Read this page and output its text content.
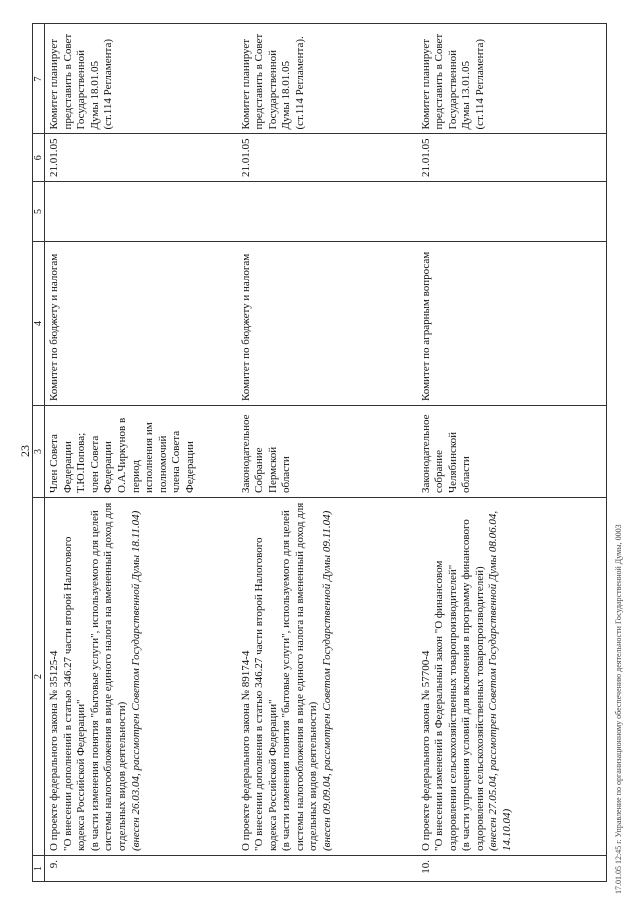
23
1	2	3	4	5	6	7
9.	О проекте федерального закона № 35125-4 "О внесении дополнений в статью 346.27 части второй Налогового кодекса Российской Федерации" (в части изменения понятия "бытовые услуги", используемого для целей системы налогообложения в виде единого налога на вмененный доход для отдельных видов деятельности) (внесен 26.03.04, рассмотрен Советом Государственной Думы 18.11.04)	Член Совета Федерации Т.Ю.Попова; член Совета Федерации О.А.Чиркунов в период исполнения им полномочий члена Совета Федерации	Комитет по бюджету и налогам		21.01.05	Комитет планирует представить в Совет Государственной Думы 18.01.05 (ст.114 Регламента)

	О проекте федерального закона № 89174-4 "О внесении дополнения в статью 346.27 части второй Налогового кодекса Российской Федерации" (в части изменения понятия "бытовые услуги", используемого для целей системы налогообложения в виде единого налога на вмененный доход для отдельных видов деятельности) (внесен 09.09.04, рассмотрен Советом Государственной Думы 09.11.04)	Законодательное Собрание Пермской области	Комитет по бюджету и налогам		21.01.05	Комитет планирует представить в Совет Государственной Думы 18.01.05 (ст.114 Регламента).
10.	О проекте федерального закона № 57700-4 "О внесении изменений в Федеральный закон "О финансовом оздоровлении сельскохозяйственных товаропроизводителей" (в части упрощения условий для включения в программу финансового оздоровления сельскохозяйственных товаропроизводителей) (внесен 27.05.04, рассмотрен Советом Государственной Думы 08.06.04, 14.10.04)	Законодательное собрание Челябинской области	Комитет по аграрным вопросам		21.01.05	Комитет планирует представить в Совет Государственной Думы 13.01.05 (ст.114 Регламента)
17.01.05 12:45 г. Управление по организационному обеспечению деятельности Государственной Думы, 0003
